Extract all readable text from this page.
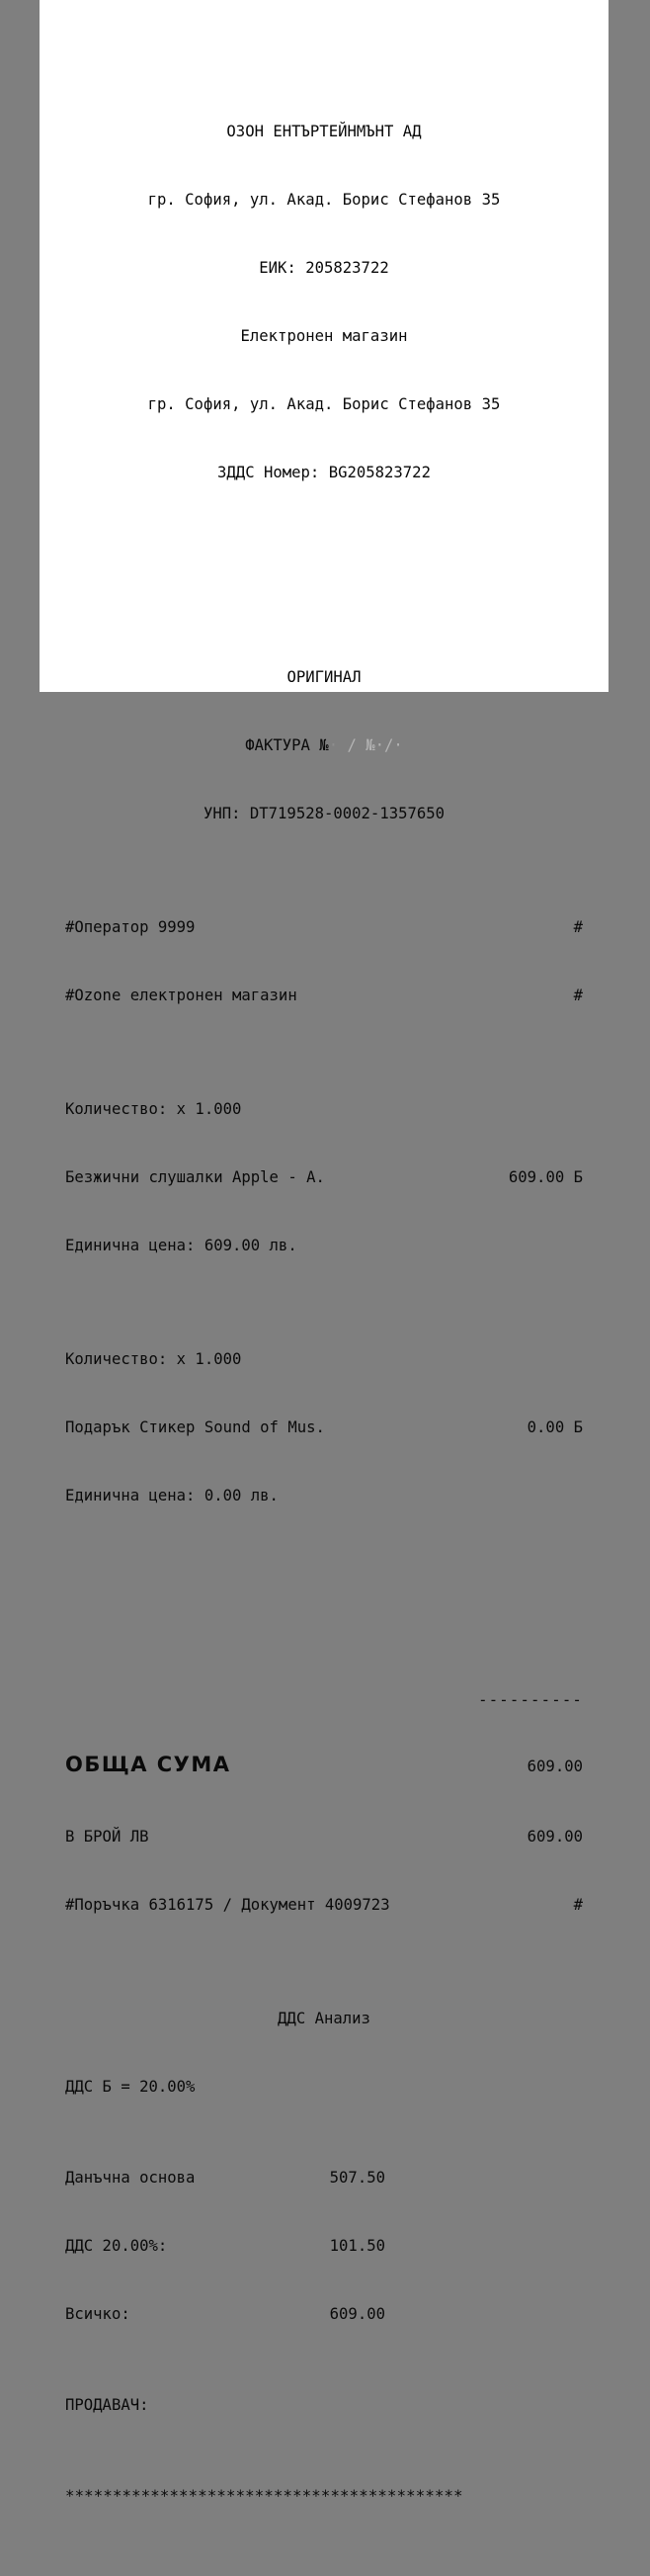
ОЗОН ЕНТЪРТЕЙНМЪНТ АД

гр. София, ул. Акад. Борис Стефанов 35

ЕИК: 205823722

Електронен магазин

гр. София, ул. Акад. Борис Стефанов 35

ЗДДС Номер: BG205823722

ОРИГИНАЛ

ФАКТУРА №· / №·/·

УНП: DT719528-0002-1357650

#Оператор 9999	#

#Ozone електронен магазин	#

Количество: x 1.000

Безжични слушалки Apple - A.	609.00 Б

Единична цена: 609.00 лв.

Количество: x 1.000

Подарък Стикер Sound of Mus.	0.00 Б

Единична цена: 0.00 лв.

----------

ОБЩА СУМА	609.00

В БРОЙ ЛВ	609.00

#Поръчка 6316175 / Документ 4009723	#

ДДС Анализ

ДДС Б = 20.00%

Данъчна основа	507.50

ДДС 20.00%:	101.50

Всичко:	609.00

ПРОДАВАЧ:

******************************************
